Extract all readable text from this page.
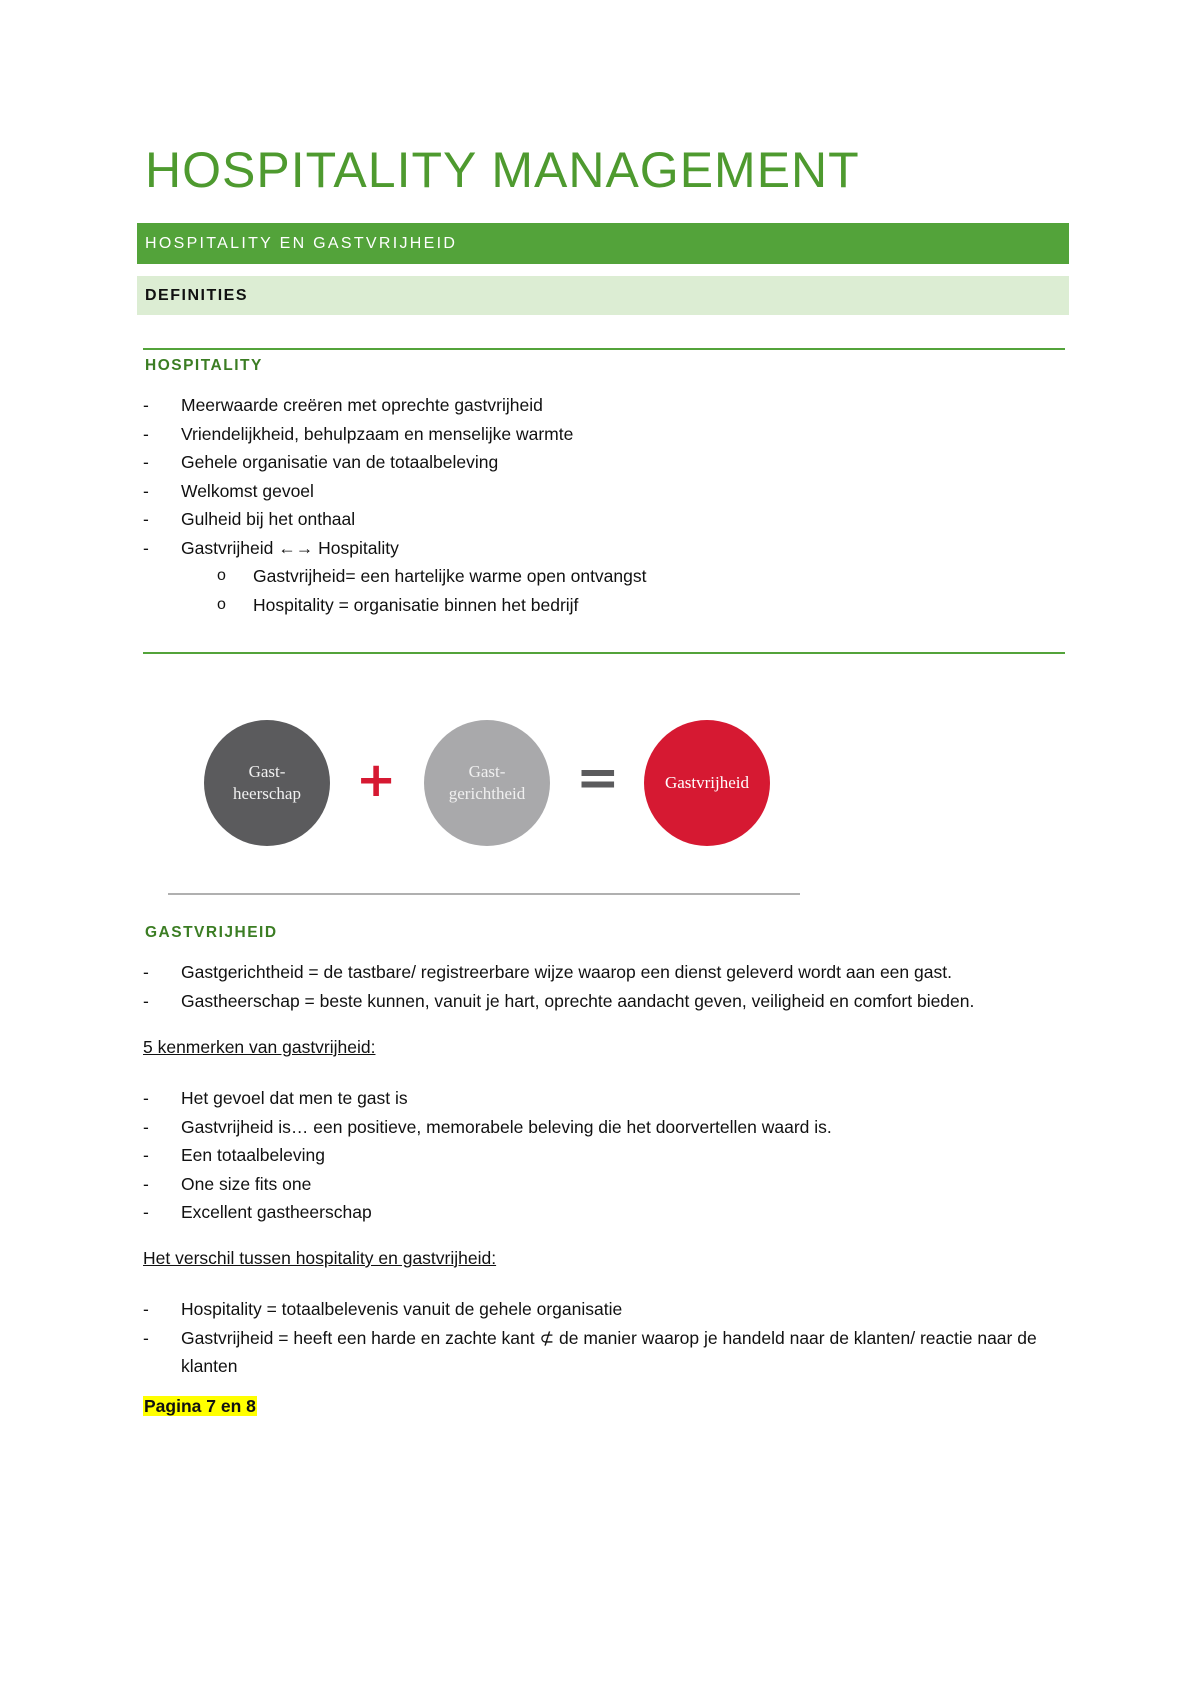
HOSPITALITY MANAGEMENT
HOSPITALITY EN GASTVRIJHEID
DEFINITIES
HOSPITALITY
- Meerwaarde creëren met oprechte gastvrijheid
- Vriendelijkheid, behulpzaam en menselijke warmte
- Gehele organisatie van de totaalbeleving
- Welkomst gevoel
- Gulheid bij het onthaal
- Gastvrijheid ←→ Hospitality
o Gastvrijheid= een hartelijke warme open ontvangst
o Hospitality = organisatie binnen het bedrijf
Gast-
heerschap	+	Gast-
gerichtheid =	Gastvrijheid
GASTVRIJHEID
- Gastgerichtheid = de tastbare/ registreerbare wijze waarop een dienst geleverd wordt aan een gast.
- Gastheerschap = beste kunnen, vanuit je hart, oprechte aandacht geven, veiligheid en comfort bieden.
5 kenmerken van gastvrijheid:
- Het gevoel dat men te gast is
- Gastvrijheid is… een positieve, memorabele beleving die het doorvertellen waard is.
- Een totaalbeleving
- One size fits one
- Excellent gastheerschap
Het verschil tussen hospitality en gastvrijheid:
- Hospitality = totaalbelevenis vanuit de gehele organisatie
- Gastvrijheid = heeft een harde en zachte kant ⊄ de manier waarop je handeld naar de klanten/ reactie naar de klanten
Pagina 7 en 8
